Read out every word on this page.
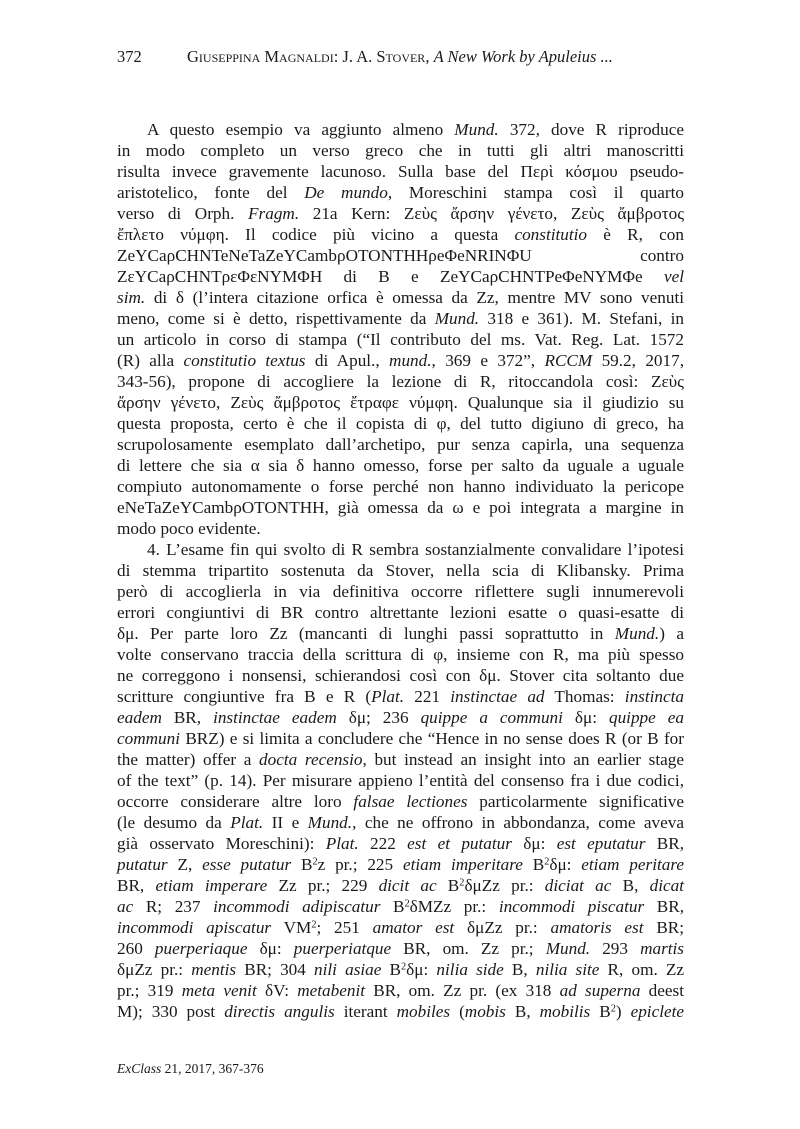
372	Giuseppina Magnaldi: J. A. Stover, A New Work by Apuleius ...
A questo esempio va aggiunto almeno Mund. 372, dove R riproduce
in modo completo un verso greco che in tutti gli altri manoscritti
risulta invece gravemente lacunoso. Sulla base del Περὶ κόσμου pseudo-
aristotelico, fonte del De mundo, Moreschini stampa così il quarto
verso di Orph. Fragm. 21a Kern: Ζεὺς ἄρσην γένετο, Ζεὺς ἄμβροτος
ἔπλετο νύμφη. Il codice più vicino a questa constitutio è R, con
ZeYCaρCHNTeNeTaZeYCambρOTONTHHρeΦeNRINΦU contro
ZεYCaρCHNTρεΦεNYMΦH di B e ZeYCaρCHNTPeΦeNYMΦe vel
sim. di δ (l’intera citazione orfica è omessa da Zz, mentre MV sono venuti
meno, come si è detto, rispettivamente da Mund. 318 e 361). M. Stefani, in
un articolo in corso di stampa (“Il contributo del ms. Vat. Reg. Lat. 1572
(R) alla constitutio textus di Apul., mund., 369 e 372”, RCCM 59.2, 2017,
343-56), propone di accogliere la lezione di R, ritoccandola così: Ζεὺς
ἄρσην γένετο, Ζεὺς ἄμβροτος ἔτραφε νύμφη. Qualunque sia il giudizio su
questa proposta, certo è che il copista di φ, del tutto digiuno di greco, ha
scrupolosamente esemplato dall’archetipo, pur senza capirla, una sequenza
di lettere che sia α sia δ hanno omesso, forse per salto da uguale a uguale
compiuto autonomamente o forse perché non hanno individuato la pericope
eNeTaZeYCambρOTONTHH, già omessa da ω e poi integrata a margine in
modo poco evidente.
4. L’esame fin qui svolto di R sembra sostanzialmente convalidare l’ipotesi
di stemma tripartito sostenuta da Stover, nella scia di Klibansky. Prima
però di accoglierla in via definitiva occorre riflettere sugli innumerevoli
errori congiuntivi di BR contro altrettante lezioni esatte o quasi-esatte di
δμ. Per parte loro Zz (mancanti di lunghi passi soprattutto in Mund.) a
volte conservano traccia della scrittura di φ, insieme con R, ma più spesso
ne correggono i nonsensi, schierandosi così con δμ. Stover cita soltanto due
scritture congiuntive fra B e R (Plat. 221 instinctae ad Thomas: instincta
eadem BR, instinctae eadem δμ; 236 quippe a communi δμ: quippe ea
communi BRZ) e si limita a concludere che “Hence in no sense does R (or B for
the matter) offer a docta recensio, but instead an insight into an earlier stage
of the text” (p. 14). Per misurare appieno l’entità del consenso fra i due codici,
occorre considerare altre loro falsae lectiones particolarmente significative
(le desumo da Plat. II e Mund., che ne offrono in abbondanza, come aveva
già osservato Moreschini): Plat. 222 est et putatur δμ: est eputatur BR,
putatur Z, esse putatur $B^2z$ pr.; 225 etiam imperitare $B^2\delta\mu$: etiam peritare
BR, etiam imperare Zz pr.; 229 dicit ac $B^2\delta\mu Zz$ pr.: diciat ac B, dicat
ac R; 237 incommodi adipiscatur $B^2\delta MZz$ pr.: incommodi piscatur BR,
incommodi apiscatur $VM^2$; 251 amator est δμZz pr.: amatoris est BR;
260 puerperiaque δμ: puerperiatque BR, om. Zz pr.; Mund. 293 martis
δμZz pr.: mentis BR; 304 nili asiae $B^2\delta\mu$: nilia side B, nilia site R, om. Zz
pr.; 319 meta venit δV: metabenit BR, om. Zz pr. (ex 318 ad superna deest
M); 330 post directis angulis iterant mobiles (mobis B, mobilis $B^2$) epiclete
ExClass 21, 2017, 367-376
